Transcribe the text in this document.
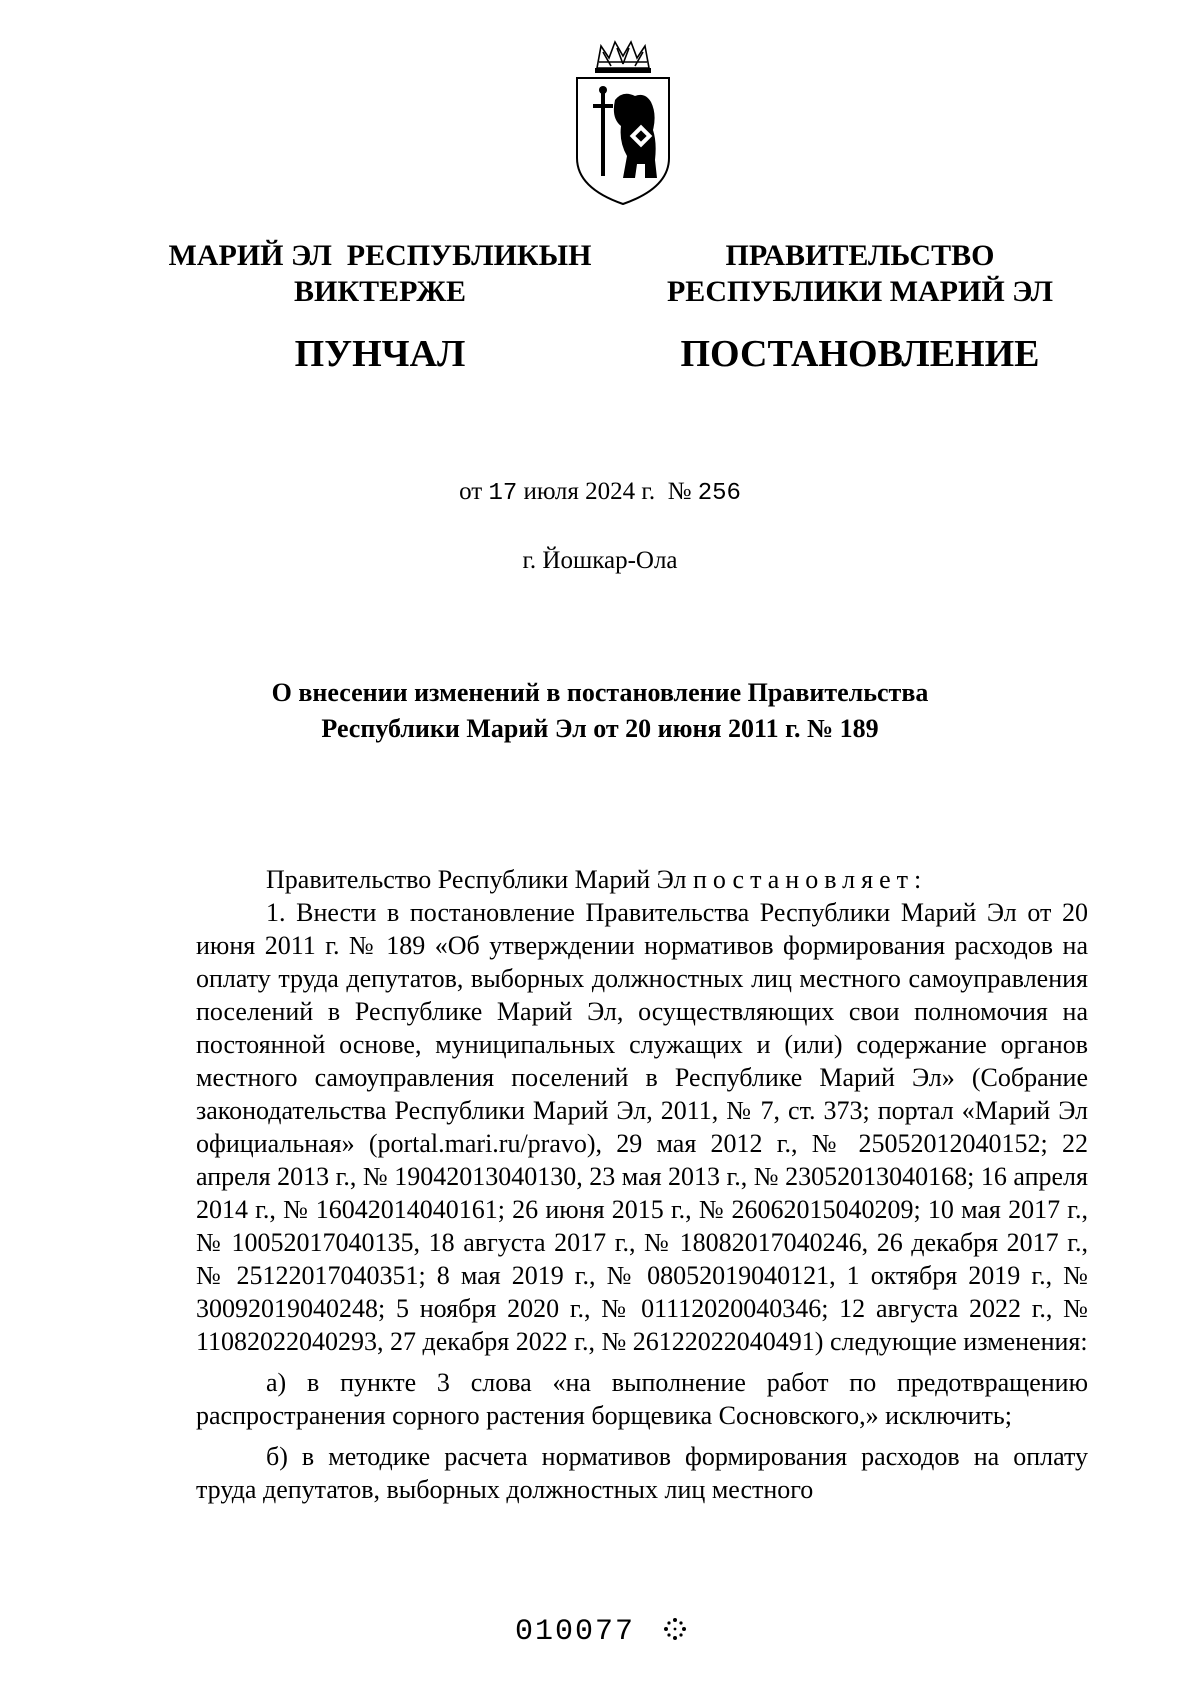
МАРИЙ ЭЛ  РЕСПУБЛИКЫН
ВИКТЕРЖЕ
ПУНЧАЛ
ПРАВИТЕЛЬСТВО
РЕСПУБЛИКИ МАРИЙ ЭЛ
ПОСТАНОВЛЕНИЕ
от 17 июля 2024 г. № 256
г. Йошкар-Ола
О внесении изменений в постановление Правительства
Республики Марий Эл от 20 июня 2011 г. № 189

Правительство Республики Марий Эл постановляет:

1. Внести в постановление Правительства Республики Марий Эл от 20 июня 2011 г. № 189 «Об утверждении нормативов формирования расходов на оплату труда депутатов, выборных должностных лиц местного самоуправления поселений в Республике Марий Эл, осуществляющих свои полномочия на постоянной основе, муниципальных служащих и (или) содержание органов местного самоуправления поселений в Республике Марий Эл» (Собрание законодательства Республики Марий Эл, 2011, № 7, ст. 373; портал «Марий Эл официальная» (portal.mari.ru/pravo), 29 мая 2012 г., № 25052012040152; 22 апреля 2013 г., № 19042013040130, 23 мая 2013 г., № 23052013040168; 16 апреля 2014 г., № 16042014040161; 26 июня 2015 г., № 26062015040209; 10 мая 2017 г., № 10052017040135, 18 августа 2017 г., № 18082017040246, 26 декабря 2017 г., № 25122017040351; 8 мая 2019 г., № 08052019040121, 1 октября 2019 г., № 30092019040248; 5 ноября 2020 г., № 01112020040346; 12 августа 2022 г., № 11082022040293, 27 декабря 2022 г., № 26122022040491) следующие изменения:

а) в пункте 3 слова «на выполнение работ по предотвращению распространения сорного растения борщевика Сосновского,» исключить;

б) в методике расчета нормативов формирования расходов на оплату труда депутатов, выборных должностных лиц местного

010077
